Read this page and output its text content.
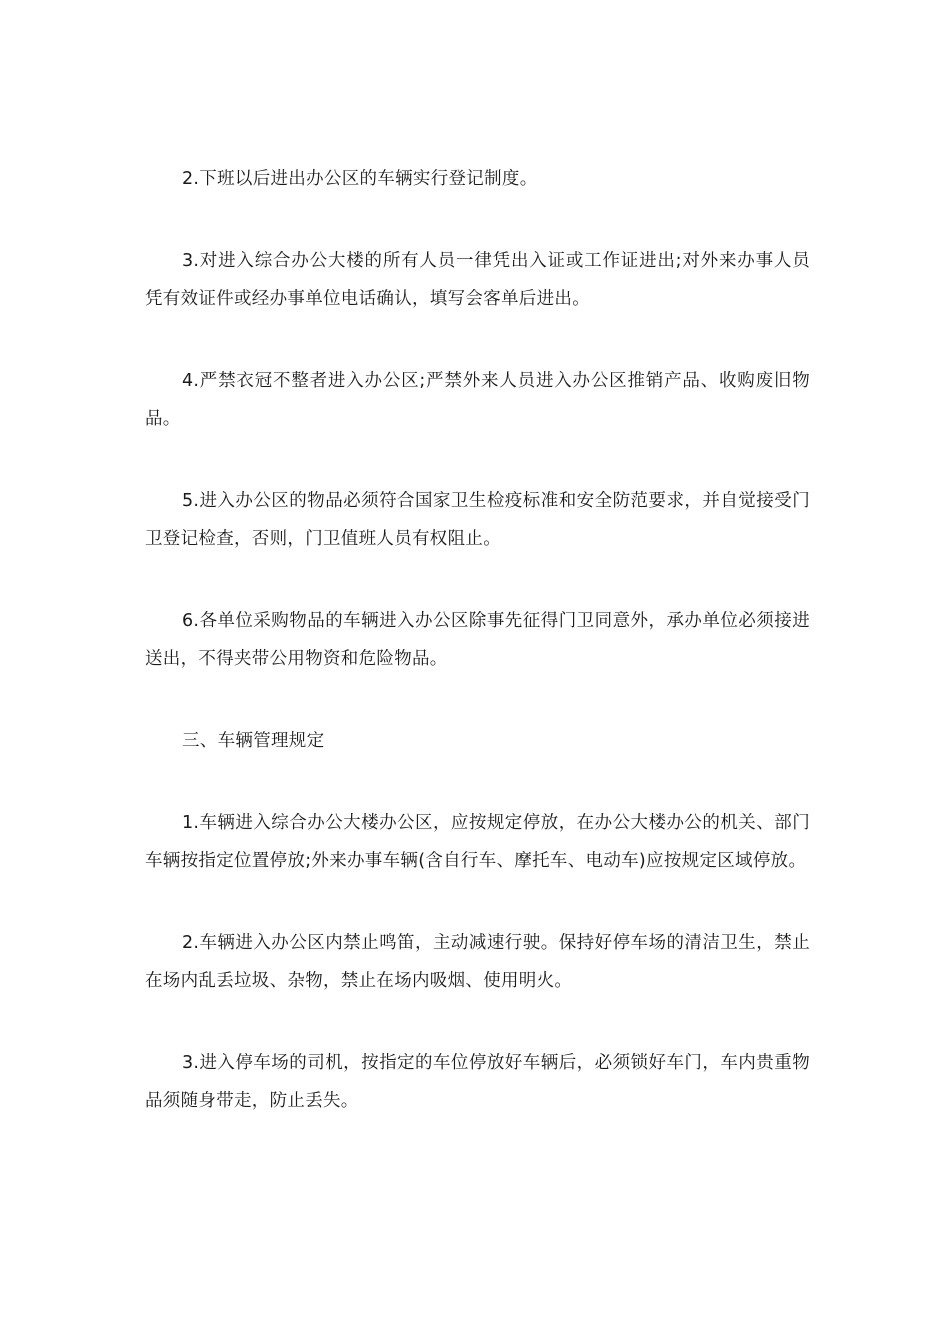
2.下班以后进出办公区的车辆实行登记制度。

3.对进入综合办公大楼的所有人员一律凭出入证或工作证进出;对外来办事人员凭有效证件或经办事单位电话确认，填写会客单后进出。

4.严禁衣冠不整者进入办公区;严禁外来人员进入办公区推销产品、收购废旧物品。

5.进入办公区的物品必须符合国家卫生检疫标准和安全防范要求，并自觉接受门卫登记检查，否则，门卫值班人员有权阻止。

6.各单位采购物品的车辆进入办公区除事先征得门卫同意外，承办单位必须接进送出，不得夹带公用物资和危险物品。

三、车辆管理规定

1.车辆进入综合办公大楼办公区，应按规定停放，在办公大楼办公的机关、部门车辆按指定位置停放;外来办事车辆(含自行车、摩托车、电动车)应按规定区域停放。

2.车辆进入办公区内禁止鸣笛，主动减速行驶。保持好停车场的清洁卫生，禁止在场内乱丢垃圾、杂物，禁止在场内吸烟、使用明火。

3.进入停车场的司机，按指定的车位停放好车辆后，必须锁好车门，车内贵重物品须随身带走，防止丢失。
